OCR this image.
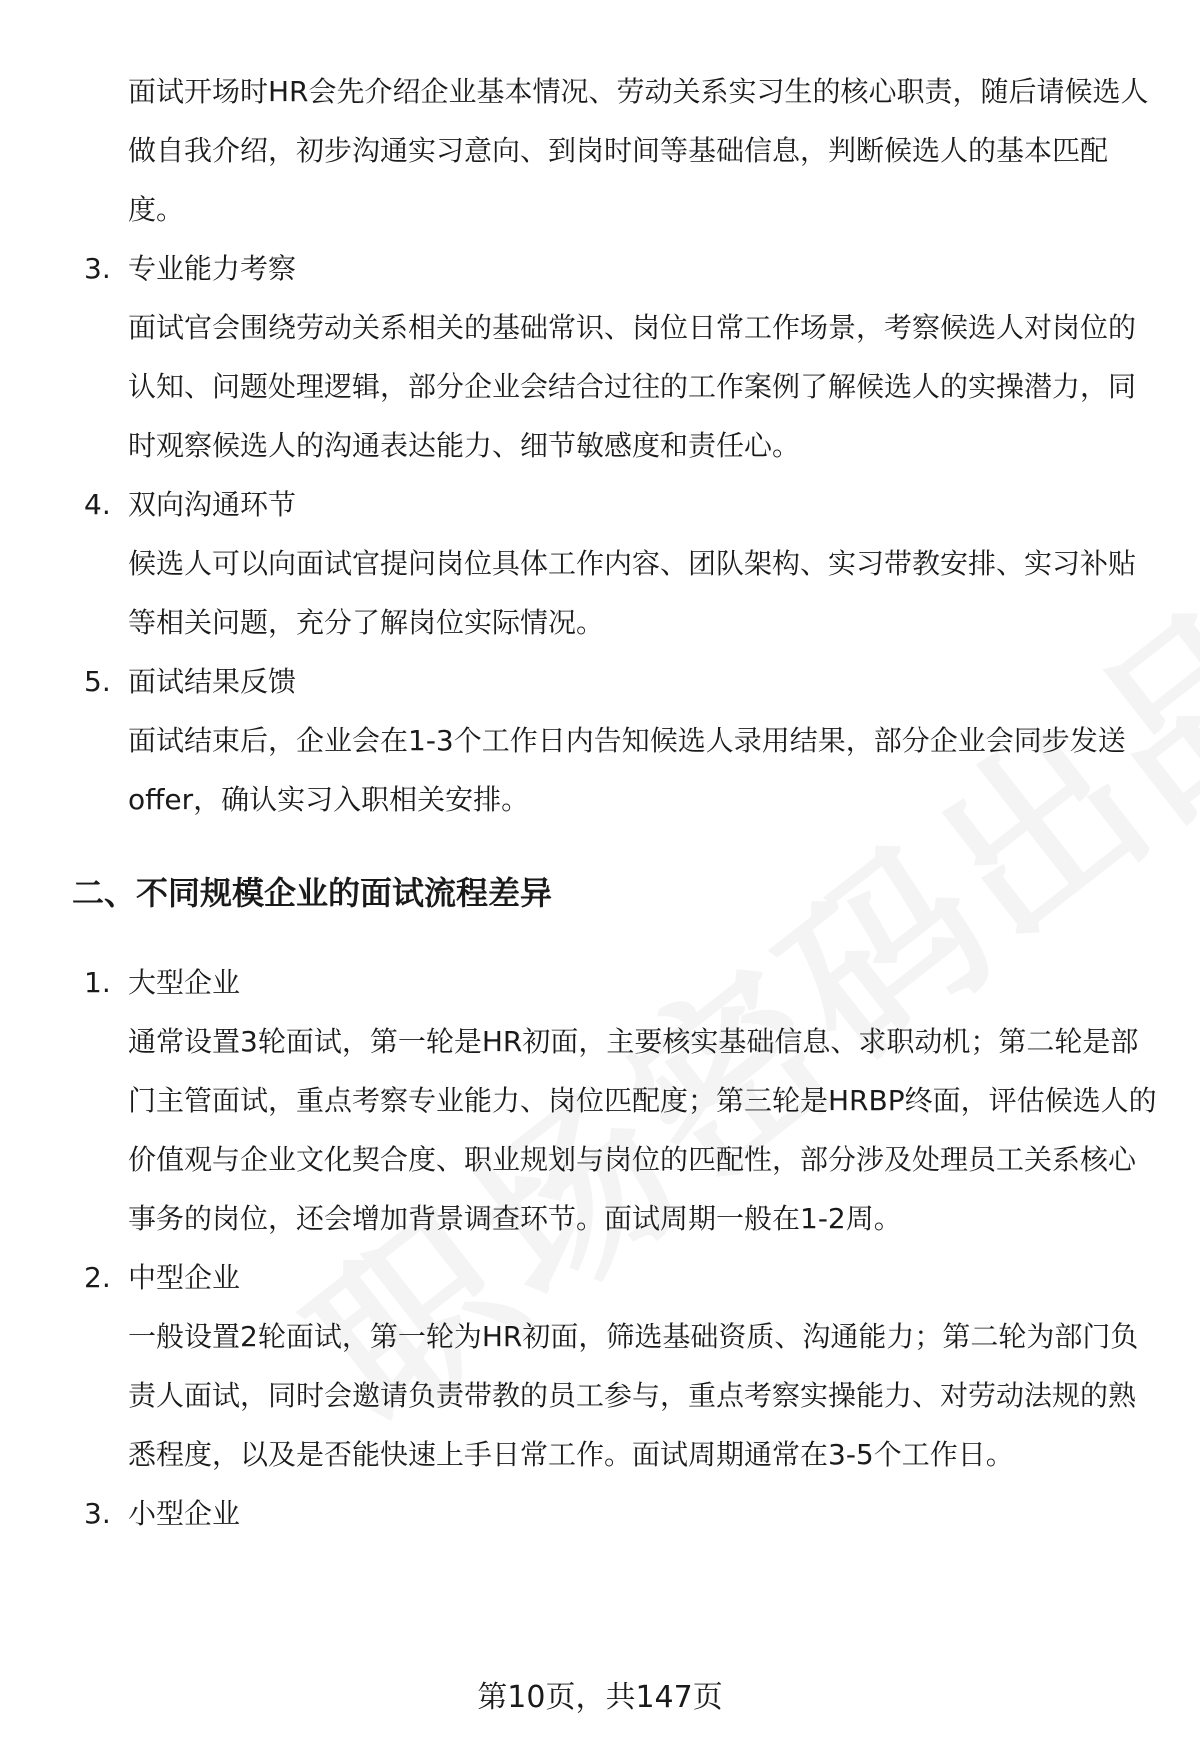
面试开场时HR会先介绍企业基本情况、劳动关系实习生的核心职责，随后请候选人做自我介绍，初步沟通实习意向、到岗时间等基础信息，判断候选人的基本匹配度。

3. 专业能力考察

面试官会围绕劳动关系相关的基础常识、岗位日常工作场景，考察候选人对岗位的认知、问题处理逻辑，部分企业会结合过往的工作案例了解候选人的实操潜力，同时观察候选人的沟通表达能力、细节敏感度和责任心。

4. 双向沟通环节

候选人可以向面试官提问岗位具体工作内容、团队架构、实习带教安排、实习补贴等相关问题，充分了解岗位实际情况。

5. 面试结果反馈

面试结束后，企业会在1-3个工作日内告知候选人录用结果，部分企业会同步发送offer，确认实习入职相关安排。

二、不同规模企业的面试流程差异
1. 大型企业

通常设置3轮面试，第一轮是HR初面，主要核实基础信息、求职动机；第二轮是部门主管面试，重点考察专业能力、岗位匹配度；第三轮是HRBP终面，评估候选人的价值观与企业文化契合度、职业规划与岗位的匹配性，部分涉及处理员工关系核心事务的岗位，还会增加背景调查环节。面试周期一般在1-2周。

2. 中型企业

一般设置2轮面试，第一轮为HR初面，筛选基础资质、沟通能力；第二轮为部门负责人面试，同时会邀请负责带教的员工参与，重点考察实操能力、对劳动法规的熟悉程度，以及是否能快速上手日常工作。面试周期通常在3-5个工作日。

3. 小型企业
第10页，共147页
